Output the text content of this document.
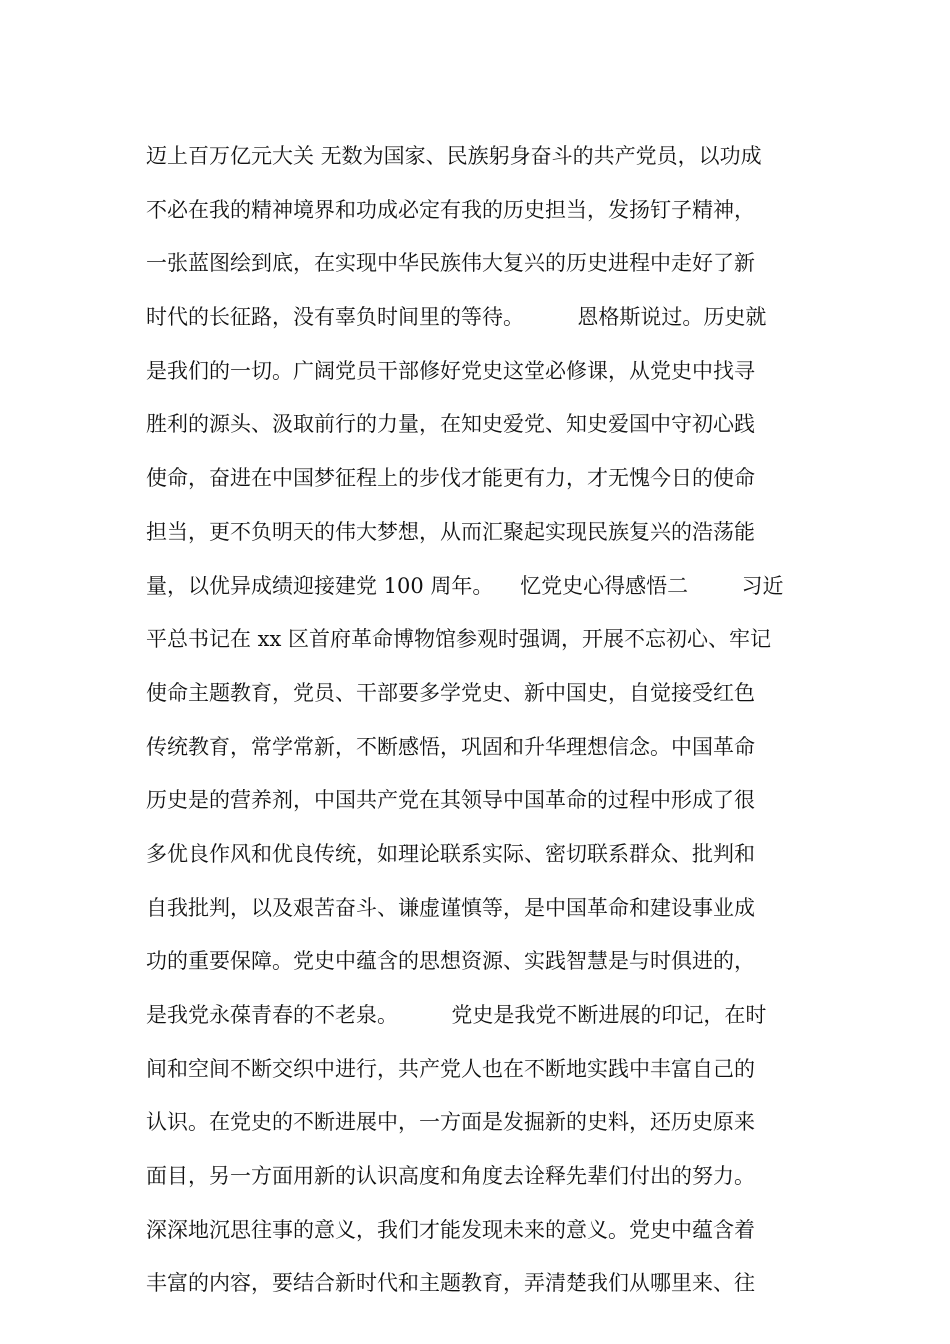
迈上百万亿元大关 无数为国家、民族躬身奋斗的共产党员，以功成
不必在我的精神境界和功成必定有我的历史担当，发扬钉子精神，
一张蓝图绘到底，在实现中华民族伟大复兴的历史进程中走好了新
时代的长征路，没有辜负时间里的等待。        恩格斯说过。历史就
是我们的一切。广阔党员干部修好党史这堂必修课，从党史中找寻
胜利的源头、汲取前行的力量，在知史爱党、知史爱国中守初心践
使命，奋进在中国梦征程上的步伐才能更有力，才无愧今日的使命
担当，更不负明天的伟大梦想，从而汇聚起实现民族复兴的浩荡能
量，以优异成绩迎接建党 100 周年。    忆党史心得感悟二        习近
平总书记在 xx 区首府革命博物馆参观时强调，开展不忘初心、牢记
使命主题教育，党员、干部要多学党史、新中国史，自觉接受红色
传统教育，常学常新，不断感悟，巩固和升华理想信念。中国革命
历史是的营养剂，中国共产党在其领导中国革命的过程中形成了很
多优良作风和优良传统，如理论联系实际、密切联系群众、批判和
自我批判，以及艰苦奋斗、谦虚谨慎等，是中国革命和建设事业成
功的重要保障。党史中蕴含的思想资源、实践智慧是与时俱进的，
是我党永葆青春的不老泉。        党史是我党不断进展的印记，在时
间和空间不断交织中进行，共产党人也在不断地实践中丰富自己的
认识。在党史的不断进展中，一方面是发掘新的史料，还历史原来
面目，另一方面用新的认识高度和角度去诠释先辈们付出的努力。
深深地沉思往事的意义，我们才能发现未来的意义。党史中蕴含着
丰富的内容，要结合新时代和主题教育，弄清楚我们从哪里来、往
